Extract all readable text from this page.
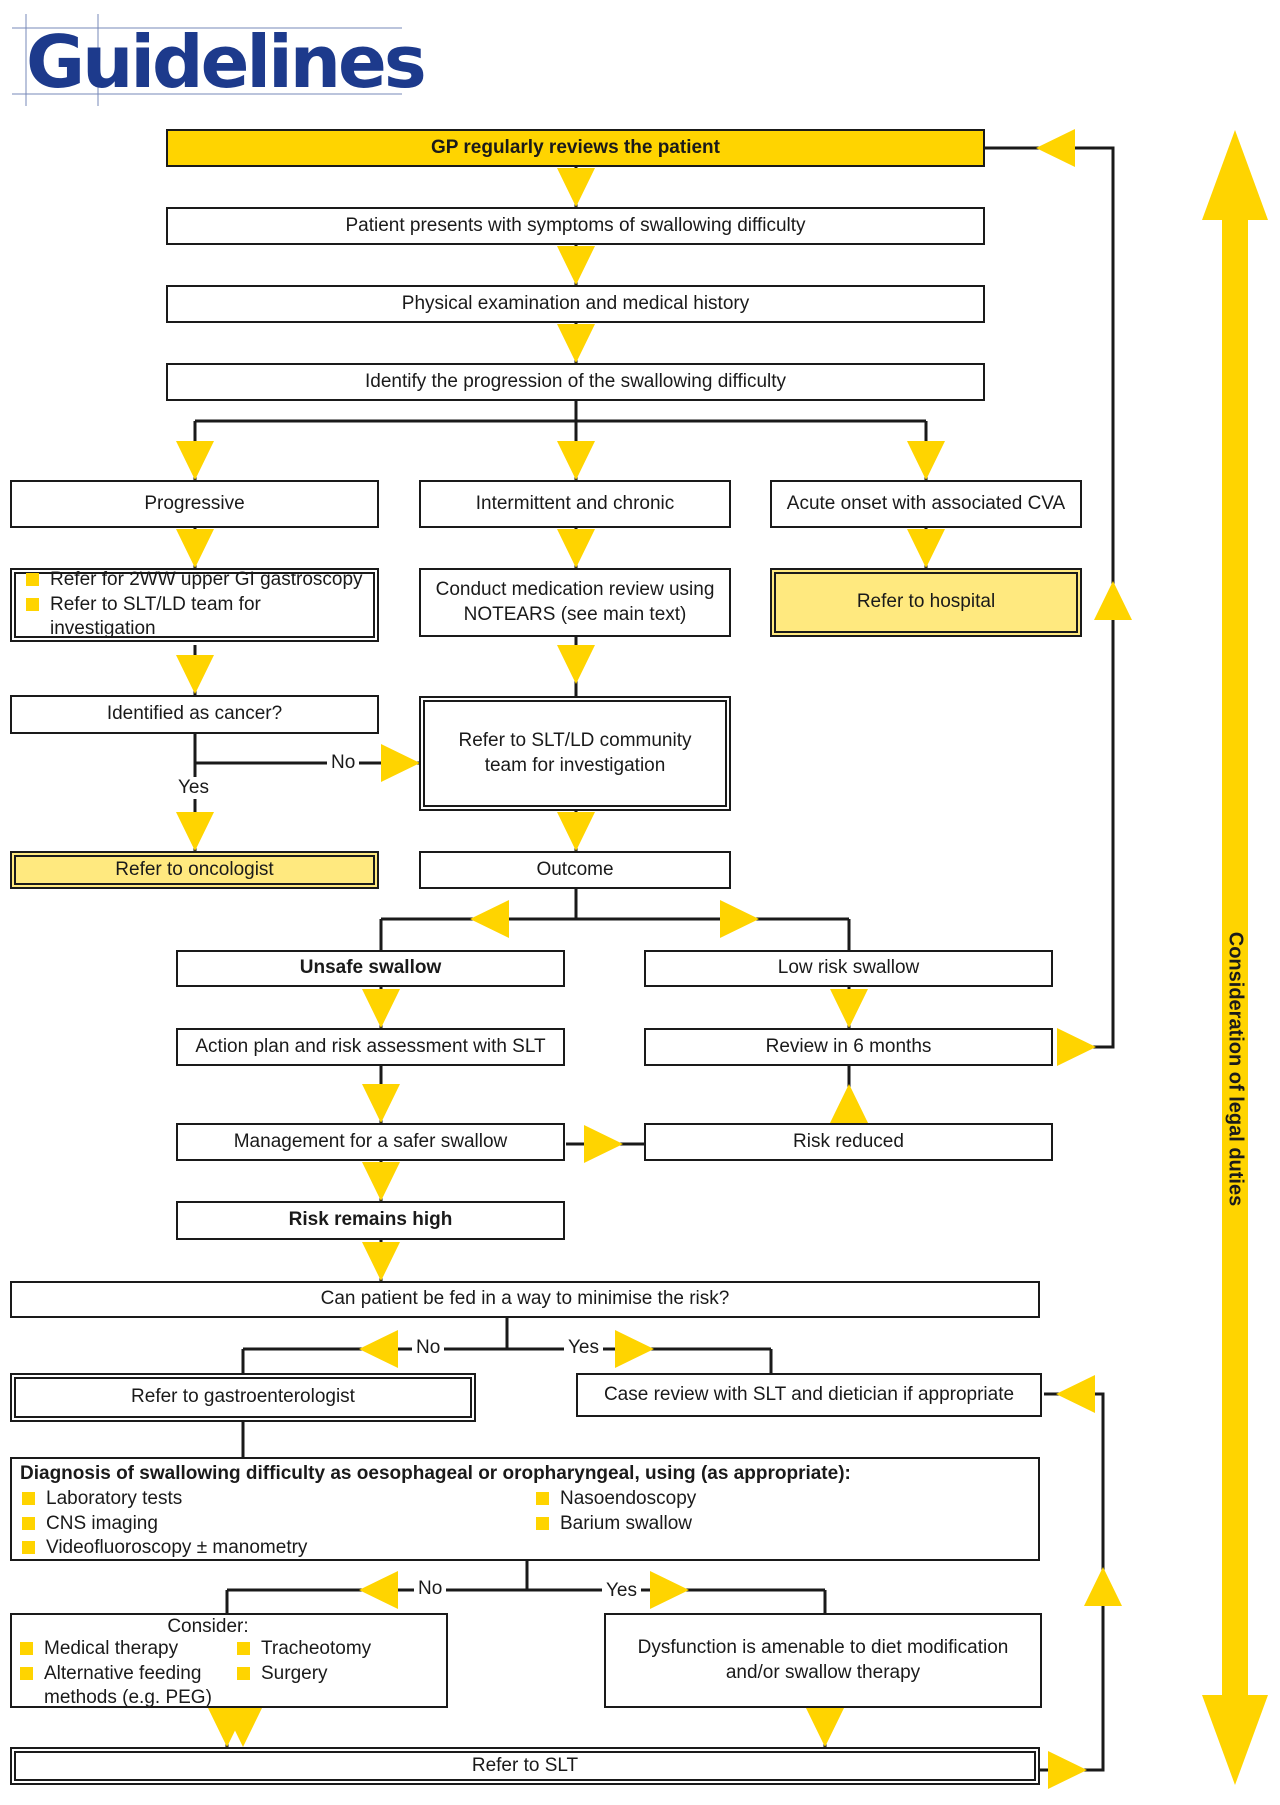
Guidelines
GP regularly reviews the patient
Patient presents with symptoms of swallowing difficulty
Physical examination and medical history
Identify the progression of the swallowing difficulty
Progressive	Intermittent and chronic	Acute onset with associated CVA
Refer for 2WW upper GI gastroscopy
Refer to SLT/LD team for investigation
Conduct medication review using NOTEARS (see main text)
Refer to hospital
Identified as cancer?
Refer to SLT/LD community team for investigation
No
Yes
Refer to oncologist	Outcome
Unsafe swallow	Low risk swallow
Action plan and risk assessment with SLT	Review in 6 months
Management for a safer swallow	Risk reduced
Risk remains high
Can patient be fed in a way to minimise the risk?
No	Yes
Refer to gastroenterologist	Case review with SLT and dietician if appropriate
Diagnosis of swallowing difficulty as oesophageal or oropharyngeal, using (as appropriate):
Laboratory tests
CNS imaging
Videofluoroscopy ± manometry
Nasoendoscopy
Barium swallow
No	Yes
Consider:
Medical therapy
Alternative feeding methods (e.g. PEG)
Tracheotomy
Surgery
Dysfunction is amenable to diet modification and/or swallow therapy
Refer to SLT
Consideration of legal duties
